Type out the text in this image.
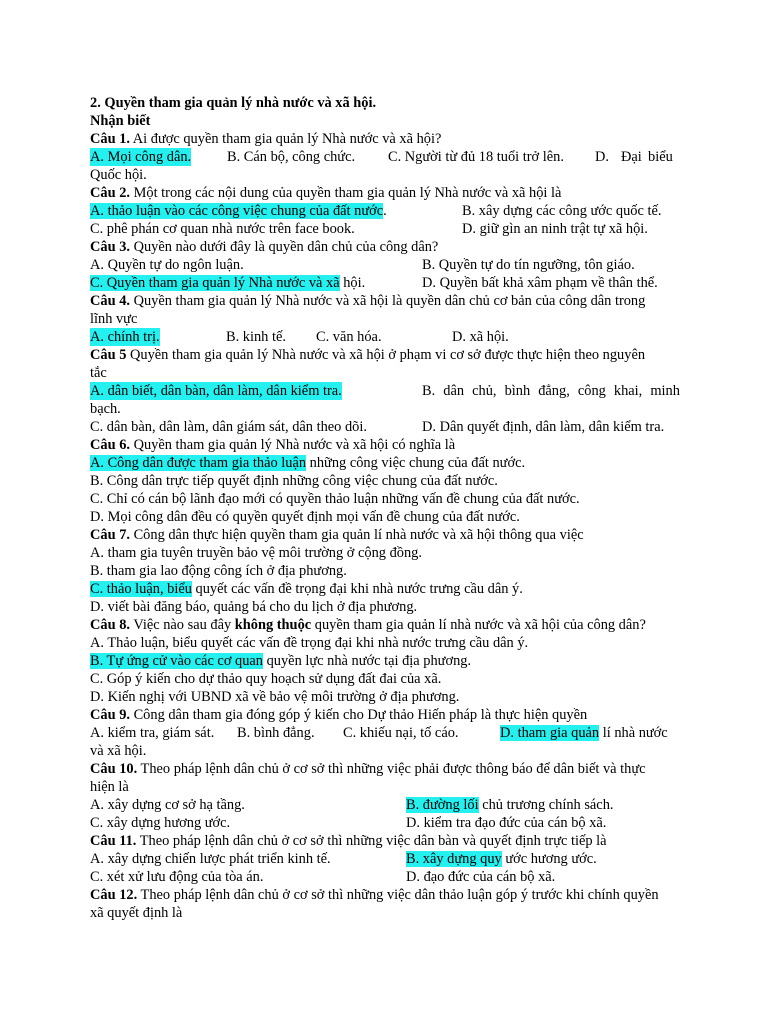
2. Quyền tham gia quản lý nhà nước và xã hội.
Nhận biết
Câu 1. Ai được quyền tham gia quản lý Nhà nước và xã hội?
A. Mọi công dân. B. Cán bộ, công chức. C. Người từ đủ 18 tuổi trở lên. D. Đại biểu
Quốc hội.
Câu 2. Một trong các nội dung của quyền tham gia quản lý Nhà nước và xã hội là
A. thảo luận vào các công việc chung của đất nước.	B. xây dựng các công ước quốc tế.
C. phê phán cơ quan nhà nước trên face book.	D. giữ gìn an ninh trật tự xã hội.
Câu 3. Quyền nào dưới đây là quyền dân chủ của công dân?
A. Quyền tự do ngôn luận.	B. Quyền tự do tín ngưỡng, tôn giáo.
C. Quyền tham gia quản lý Nhà nước và xã hội.	D. Quyền bất khả xâm phạm về thân thể.
Câu 4. Quyền tham gia quản lý Nhà nước và xã hội là quyền dân chủ cơ bản của công dân trong
lĩnh vực
A. chính trị.	B. kinh tế. C. văn hóa.	D. xã hội.
Câu 5 Quyền tham gia quản lý Nhà nước và xã hội ở phạm vi cơ sở được thực hiện theo nguyên
tắc
A. dân biết, dân bàn, dân làm, dân kiểm tra.	B. dân chủ, bình đẳng, công khai, minh
bạch.
C. dân bàn, dân làm, dân giám sát, dân theo dõi.	D. Dân quyết định, dân làm, dân kiểm tra.
Câu 6. Quyền tham gia quản lý Nhà nước và xã hội có nghĩa là
A. Công dân được tham gia thảo luận những công việc chung của đất nước.
B. Công dân trực tiếp quyết định những công việc chung của đất nước.
C. Chỉ có cán bộ lãnh đạo mới có quyền thảo luận những vấn đề chung của đất nước.
D. Mọi công dân đều có quyền quyết định mọi vấn đề chung của đất nước.
Câu 7. Công dân thực hiện quyền tham gia quản lí nhà nước và xã hội thông qua việc
A. tham gia tuyên truyền bảo vệ môi trường ở cộng đồng.
B. tham gia lao động công ích ở địa phương.
C. thảo luận, biểu quyết các vấn đề trọng đại khi nhà nước trưng cầu dân ý.
D. viết bài đăng báo, quảng bá cho du lịch ở địa phương.
Câu 8. Việc nào sau đây không thuộc quyền tham gia quản lí nhà nước và xã hội của công dân?
A. Thảo luận, biểu quyết các vấn đề trọng đại khi nhà nước trưng cầu dân ý.
B. Tự ứng cử vào các cơ quan quyền lực nhà nước tại địa phương.
C. Góp ý kiến cho dự thảo quy hoạch sử dụng đất đai của xã.
D. Kiến nghị với UBND xã về bảo vệ môi trường ở địa phương.
Câu 9. Công dân tham gia đóng góp ý kiến cho Dự thảo Hiến pháp là thực hiện quyền
A. kiểm tra, giám sát. B. bình đẳng. C. khiếu nại, tố cáo.	D. tham gia quản lí nhà nước
và xã hội.
Câu 10. Theo pháp lệnh dân chủ ở cơ sở thì những việc phải được thông báo để dân biết và thực
hiện là
A. xây dựng cơ sở hạ tầng.	B. đường lối chủ trương chính sách.
C. xây dựng hương ước.	D. kiểm tra đạo đức của cán bộ xã.
Câu 11. Theo pháp lệnh dân chủ ở cơ sở thì những việc dân bàn và quyết định trực tiếp là
A. xây dựng chiến lược phát triển kinh tế.	B. xây dựng quy ước hương ước.
C. xét xử lưu động của tòa án.	D. đạo đức của cán bộ xã.
Câu 12. Theo pháp lệnh dân chủ ở cơ sở thì những việc dân thảo luận góp ý trước khi chính quyền
xã quyết định là
